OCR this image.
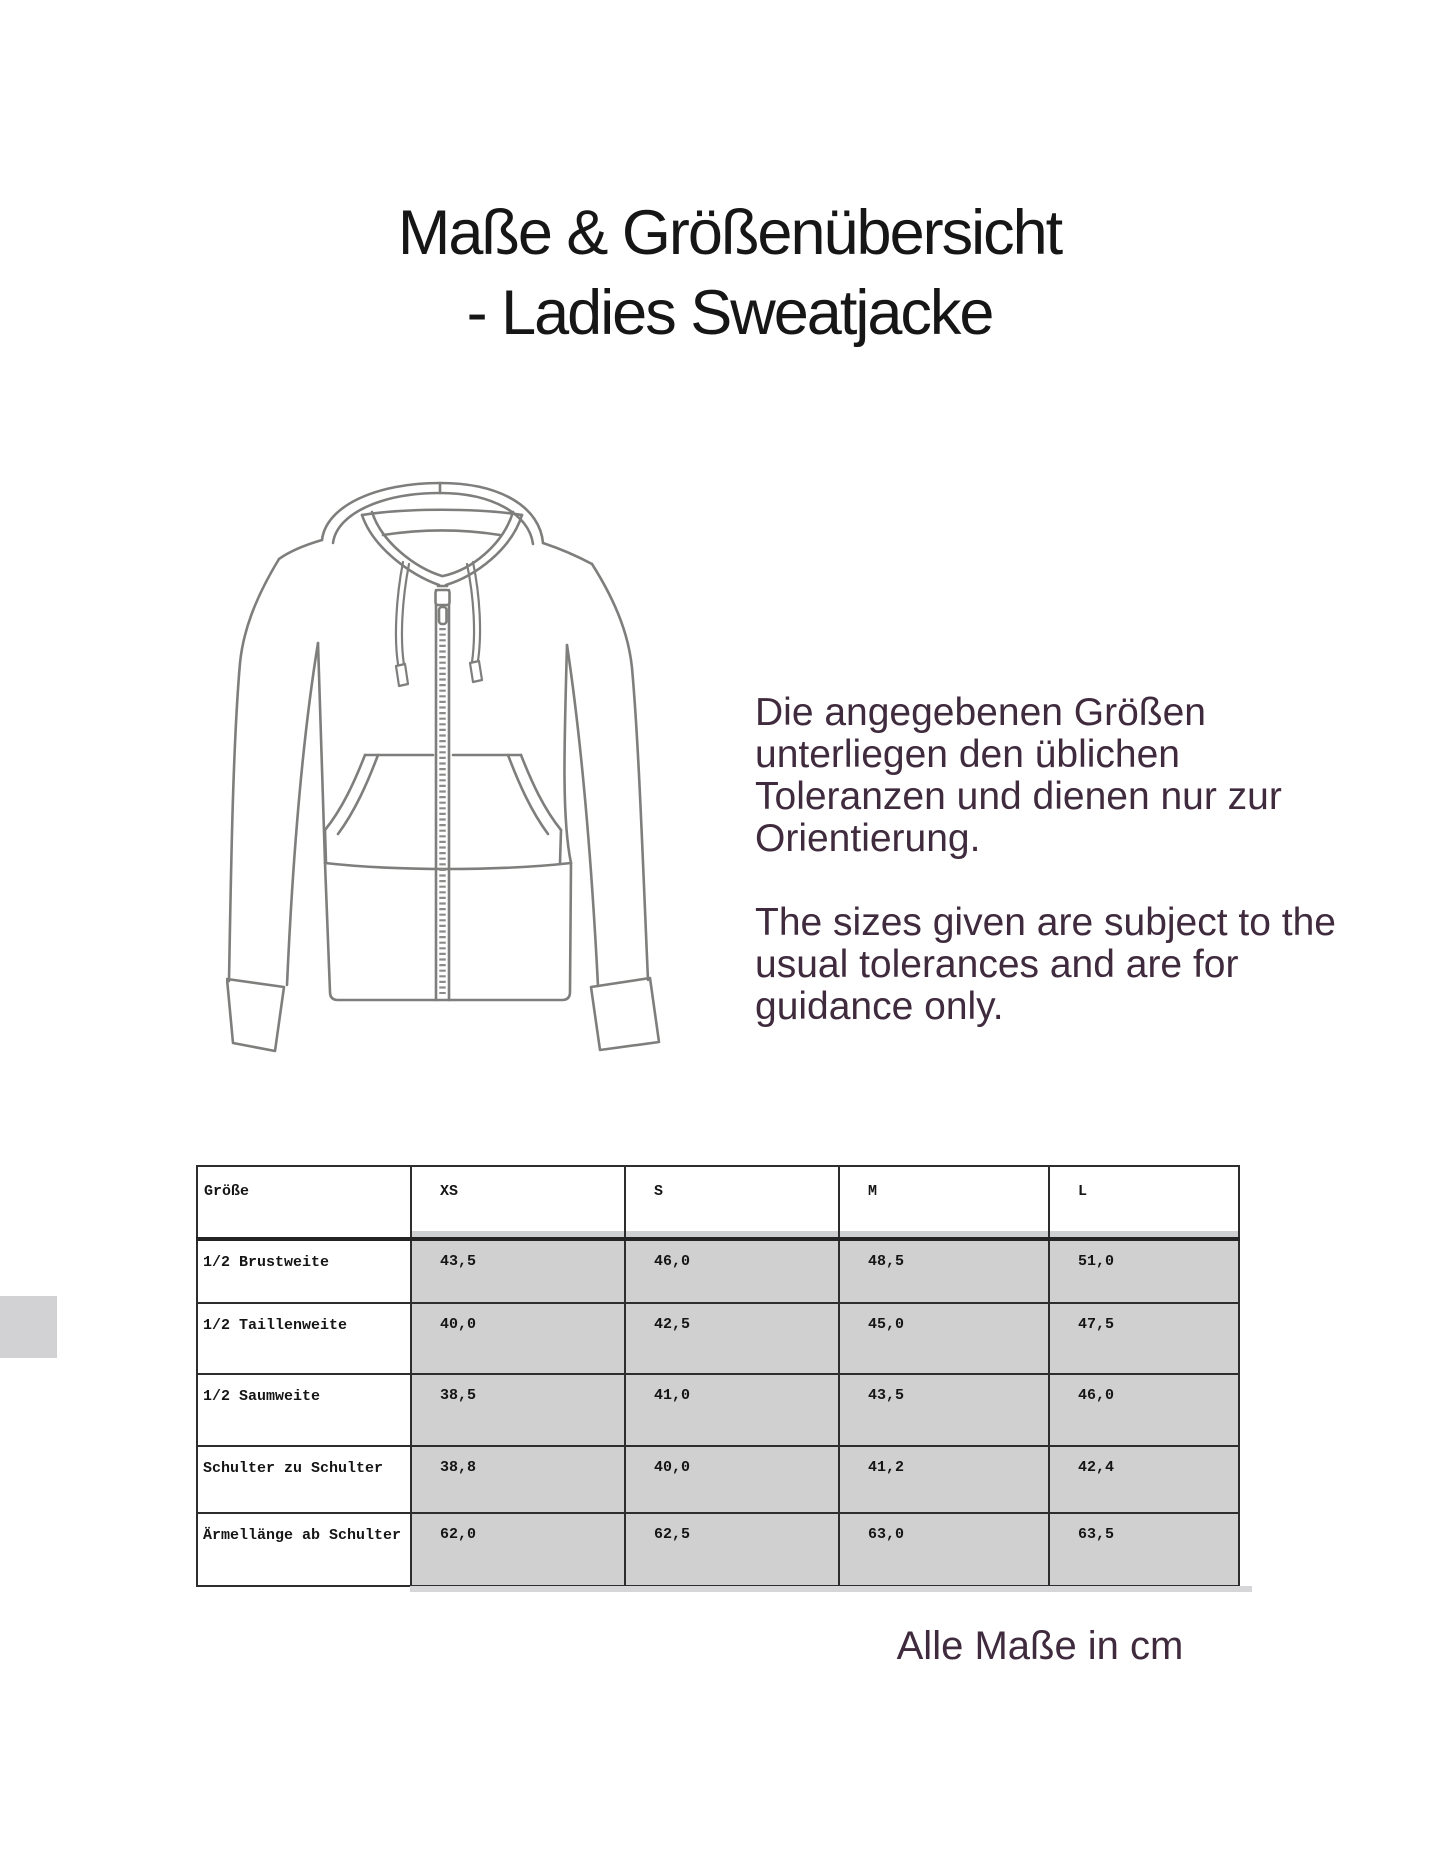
Maße & Größenübersicht
- Ladies Sweatjacke
Die angegebenen Größen
unterliegen den üblichen
Toleranzen und dienen nur zur
Orientierung.
The sizes given are subject to the
usual tolerances and are for
guidance only.
Größe	XS	S	M	L
1/2 Brustweite	43,5	46,0	48,5	51,0
1/2 Taillenweite	40,0	42,5	45,0	47,5
1/2 Saumweite	38,5	41,0	43,5	46,0
Schulter zu Schulter	38,8	40,0	41,2	42,4
Ärmellänge ab Schulter	62,0	62,5	63,0	63,5
Alle Maße in cm
